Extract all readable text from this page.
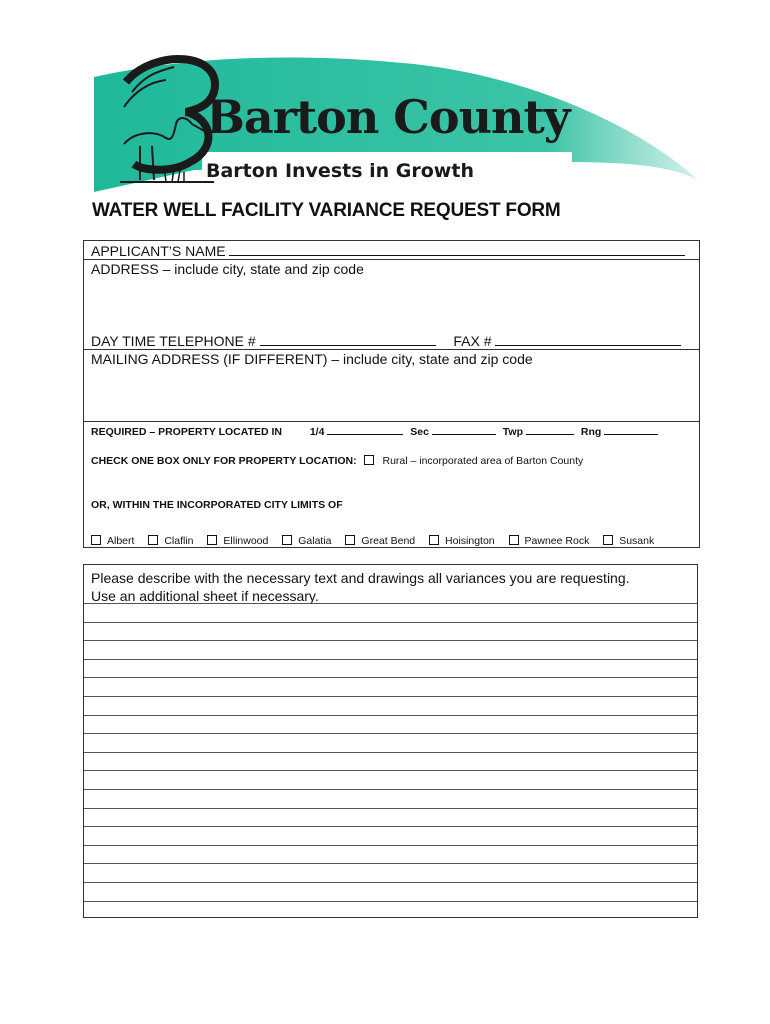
Barton County
Barton Invests in Growth
WATER WELL FACILITY VARIANCE REQUEST FORM
APPLICANT’S NAME
ADDRESS – include city, state and zip code
DAY TIME TELEPHONE #	FAX #
MAILING ADDRESS (IF DIFFERENT) – include city, state and zip code
REQUIRED – PROPERTY LOCATED IN	1/4	Sec	Twp	Rng
CHECK ONE BOX ONLY FOR PROPERTY LOCATION: Rural – incorporated area of Barton County
OR, WITHIN THE INCORPORATED CITY LIMITS OF
Albert	Claflin	Ellinwood	Galatia	Great Bend	Hoisington	Pawnee Rock	Susank
Please describe with the necessary text and drawings all variances you are requesting.
Use an additional sheet if necessary.
